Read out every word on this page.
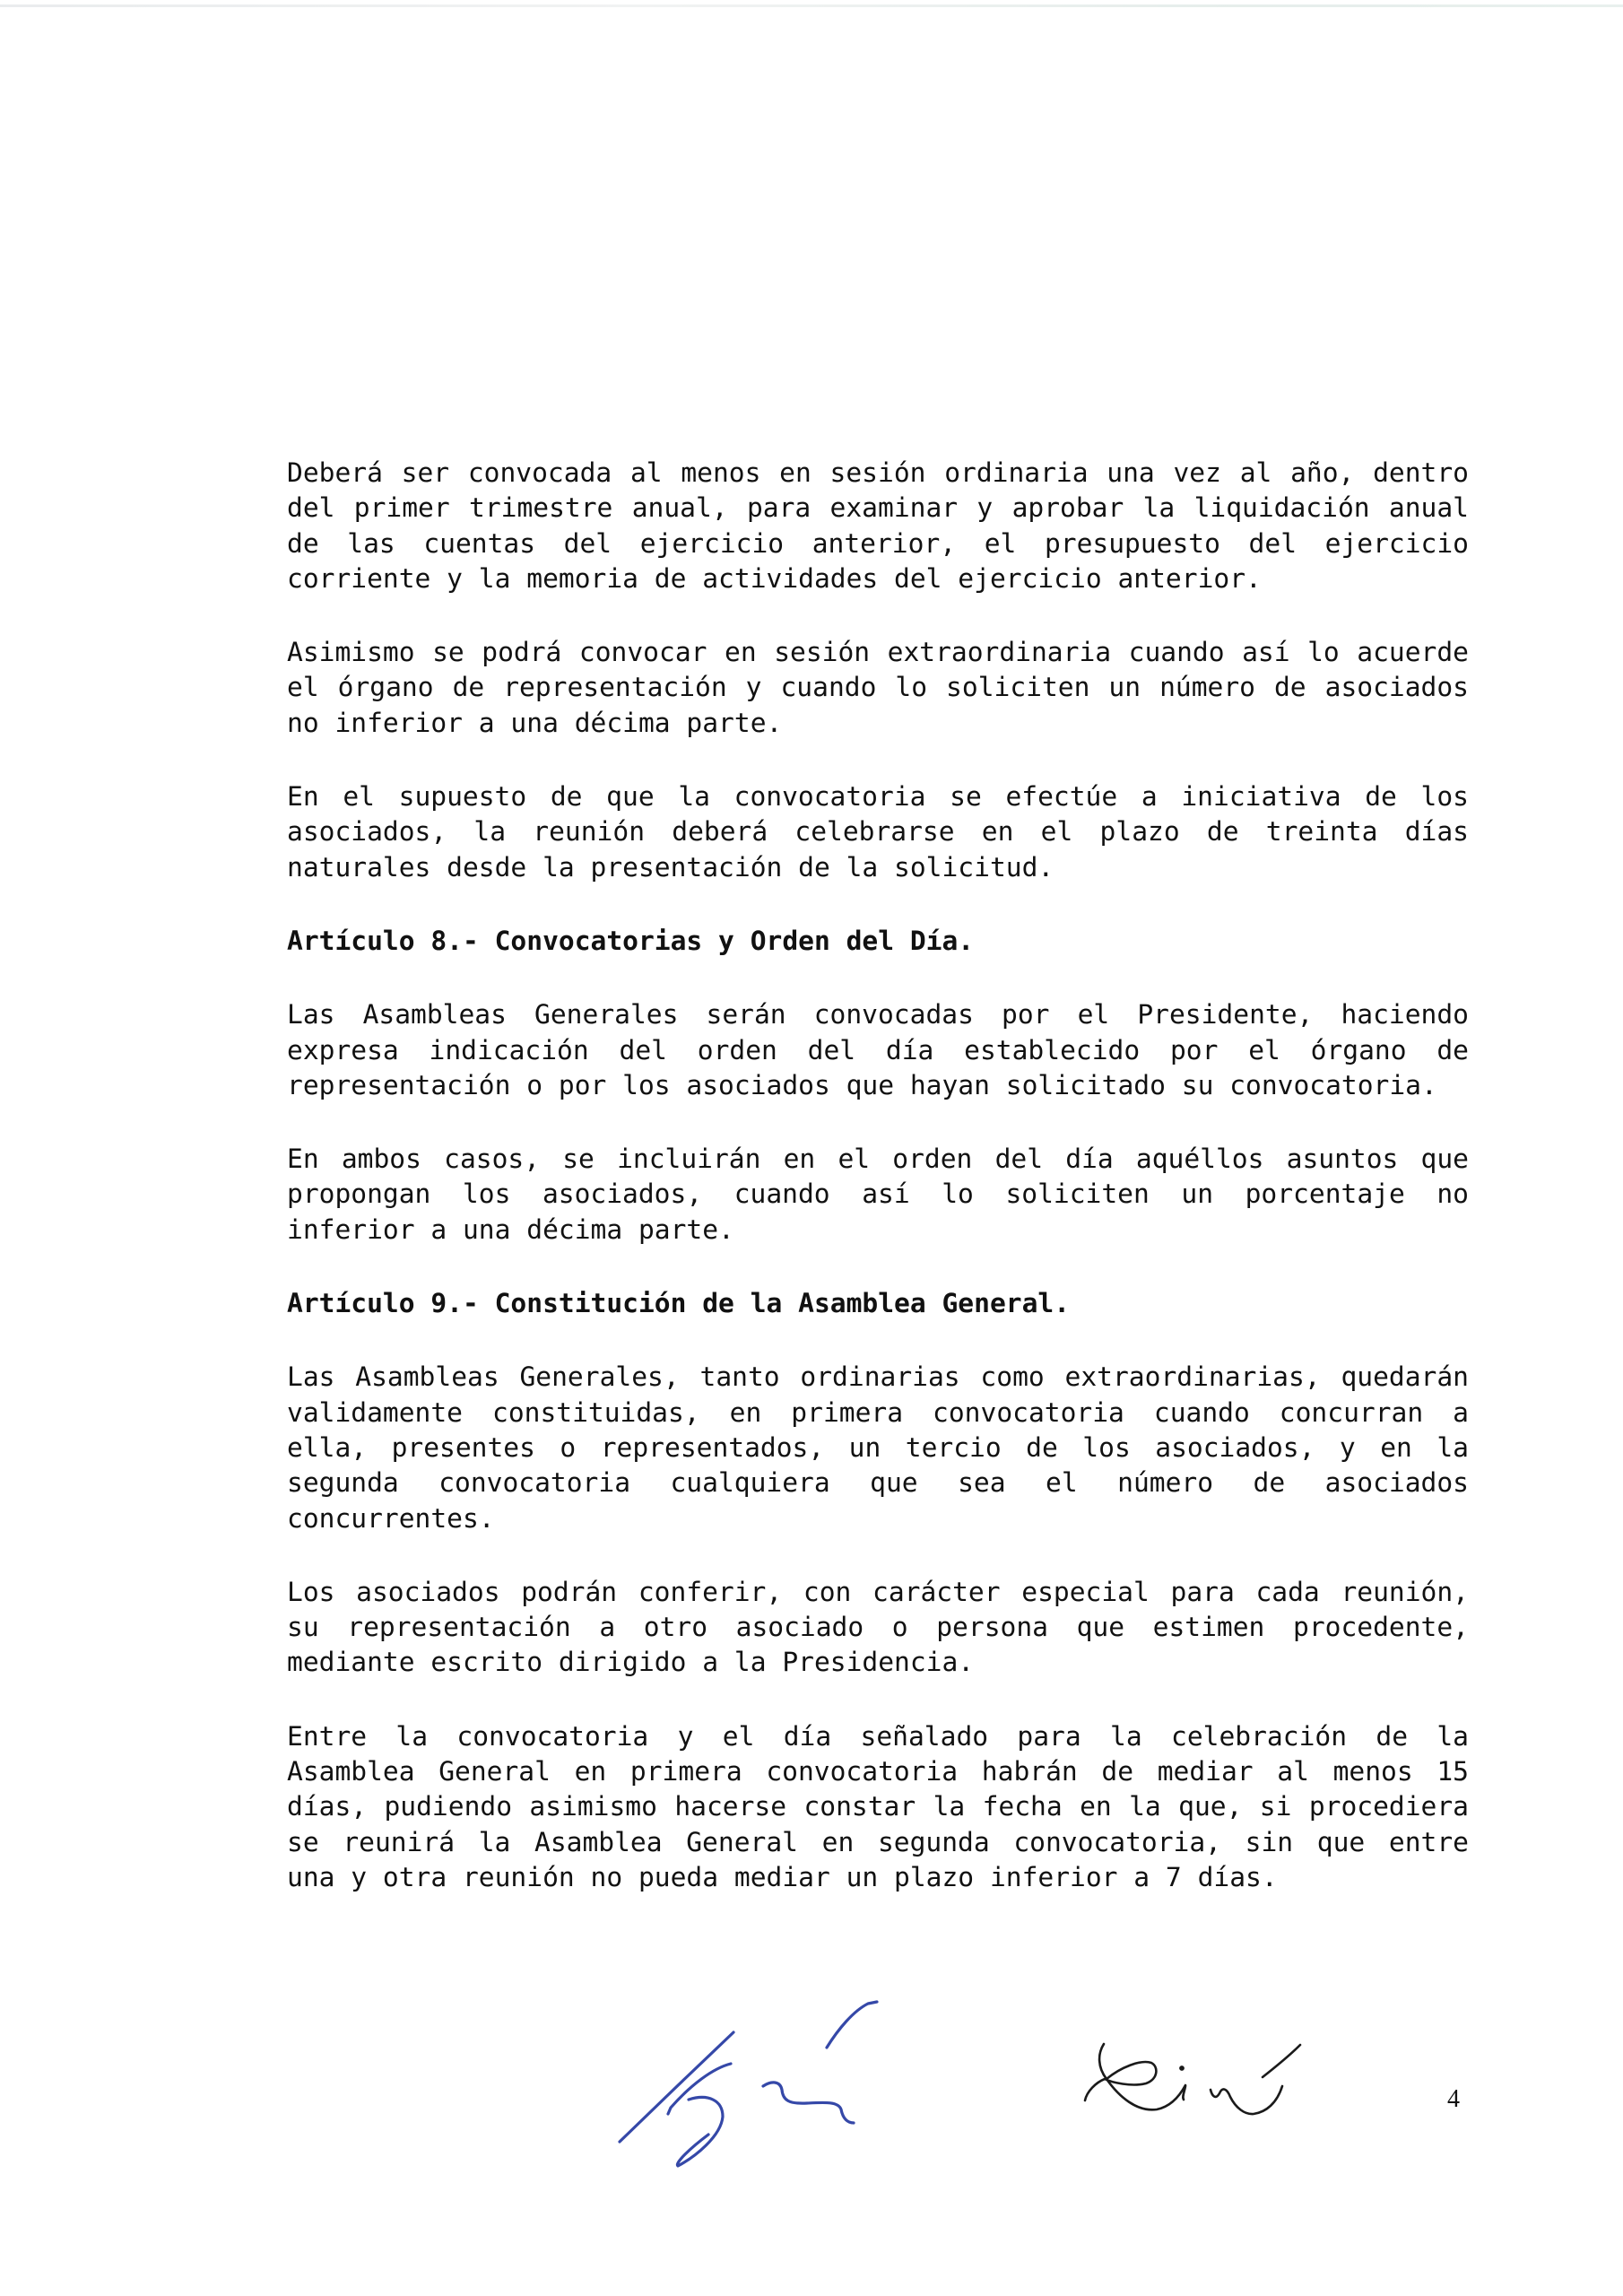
Deberá ser convocada al menos en sesión ordinaria una vez al año, dentro
del primer trimestre anual, para examinar y aprobar la liquidación anual
de las cuentas del ejercicio anterior, el presupuesto del ejercicio
corriente y la memoria de actividades del ejercicio anterior.

Asimismo se podrá convocar en sesión extraordinaria cuando así lo acuerde
el órgano de representación y cuando lo soliciten un número de asociados
no inferior a una décima parte.

En el supuesto de que la convocatoria se efectúe a iniciativa de los
asociados, la reunión deberá celebrarse en el plazo de treinta días
naturales desde la presentación de la solicitud.

Artículo 8.- Convocatorias y Orden del Día.

Las Asambleas Generales serán convocadas por el Presidente, haciendo
expresa indicación del orden del día establecido por el órgano de
representación o por los asociados que hayan solicitado su convocatoria.

En ambos casos, se incluirán en el orden del día aquéllos asuntos que
propongan los asociados, cuando así lo soliciten un porcentaje no
inferior a una décima parte.

Artículo 9.- Constitución de la Asamblea General.

Las Asambleas Generales, tanto ordinarias como extraordinarias, quedarán
validamente constituidas, en primera convocatoria cuando concurran a
ella, presentes o representados, un tercio de los asociados, y en la
segunda convocatoria cualquiera que sea el número de asociados
concurrentes.

Los asociados podrán conferir, con carácter especial para cada reunión,
su representación a otro asociado o persona que estimen procedente,
mediante escrito dirigido a la Presidencia.

Entre la convocatoria y el día señalado para la celebración de la
Asamblea General en primera convocatoria habrán de mediar al menos 15
días, pudiendo asimismo hacerse constar la fecha en la que, si procediera
se reunirá la Asamblea General en segunda convocatoria, sin que entre
una y otra reunión no pueda mediar un plazo inferior a 7 días.

4
